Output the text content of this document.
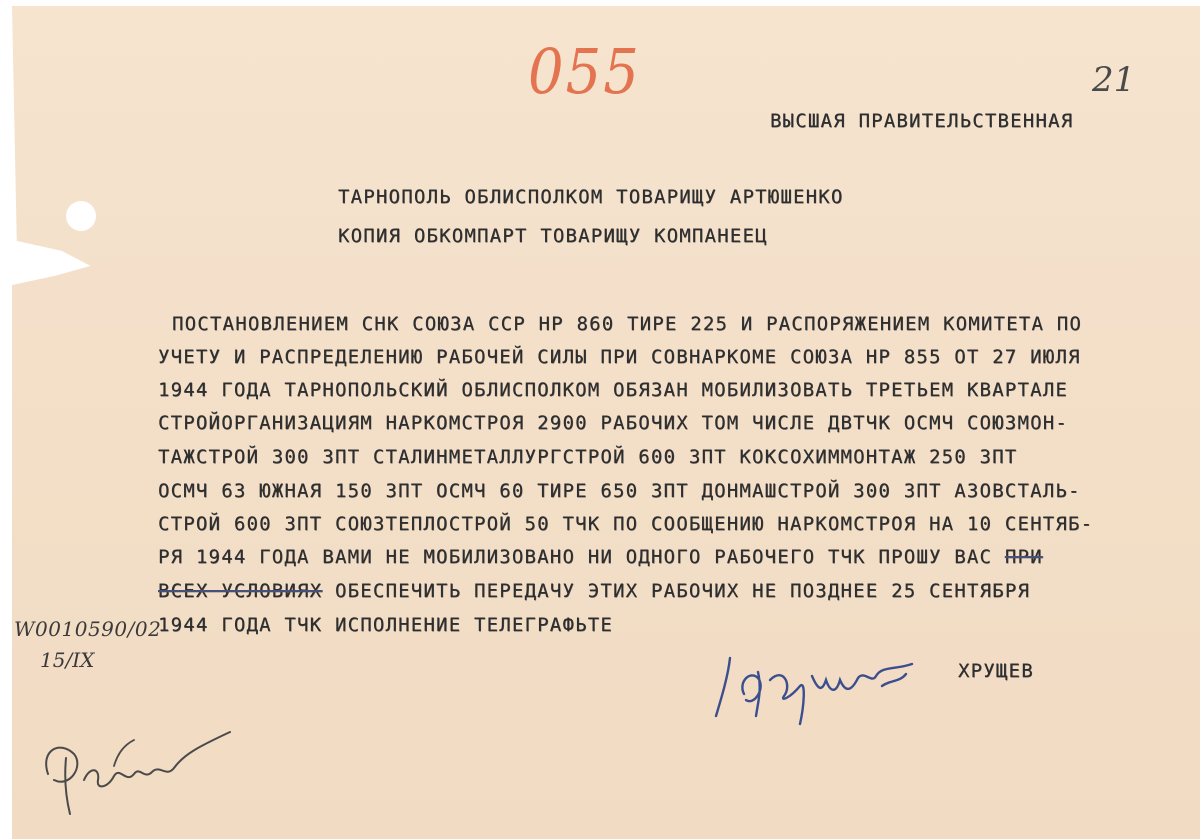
055	21
ВЫСШАЯ ПРАВИТЕЛЬСТВЕННАЯ
ТАРНОПОЛЬ ОБЛИСПОЛКОМ ТОВАРИЩУ АРТЮШЕНКО
КОПИЯ ОБКОМПАРТ ТОВАРИЩУ КОМПАНЕЕЦ
ПОСТАНОВЛЕНИЕМ СНК СОЮЗА ССР НР 860 ТИРЕ 225 И РАСПОРЯЖЕНИЕМ КОМИТЕТА ПО
УЧЕТУ И РАСПРЕДЕЛЕНИЮ РАБОЧЕЙ СИЛЫ ПРИ СОВНАРКОМЕ СОЮЗА НР 855 ОТ 27 ИЮЛЯ
1944 ГОДА ТАРНОПОЛЬСКИЙ ОБЛИСПОЛКОМ ОБЯЗАН МОБИЛИЗОВАТЬ ТРЕТЬЕМ КВАРТАЛЕ
СТРОЙОРГАНИЗАЦИЯМ НАРКОМСТРОЯ 2900 РАБОЧИХ ТОМ ЧИСЛЕ ДВТЧК ОСМЧ СОЮЗМОН-
ТАЖСТРОЙ 300 ЗПТ СТАЛИНМЕТАЛЛУРГСТРОЙ 600 ЗПТ КОКСОХИММОНТАЖ 250 ЗПТ
ОСМЧ 63 ЮЖНАЯ 150 ЗПТ ОСМЧ 60 ТИРЕ 650 ЗПТ ДОНМАШСТРОЙ 300 ЗПТ АЗОВСТАЛЬ-
СТРОЙ 600 ЗПТ СОЮЗТЕПЛОСТРОЙ 50 ТЧК ПО СООБЩЕНИЮ НАРКОМСТРОЯ НА 10 СЕНТЯБ-
РЯ 1944 ГОДА ВАМИ НЕ МОБИЛИЗОВАНО НИ ОДНОГО РАБОЧЕГО ТЧК ПРОШУ ВАС ПРИ
ВСЕХ УСЛОВИЯХ ОБЕСПЕЧИТЬ ПЕРЕДАЧУ ЭТИХ РАБОЧИХ НЕ ПОЗДНЕЕ 25 СЕНТЯБРЯ
1944 ГОДА ТЧК ИСПОЛНЕНИЕ ТЕЛЕГРАФЬТЕ
ХРУЩЕВ
W0010590/02
15/IX
